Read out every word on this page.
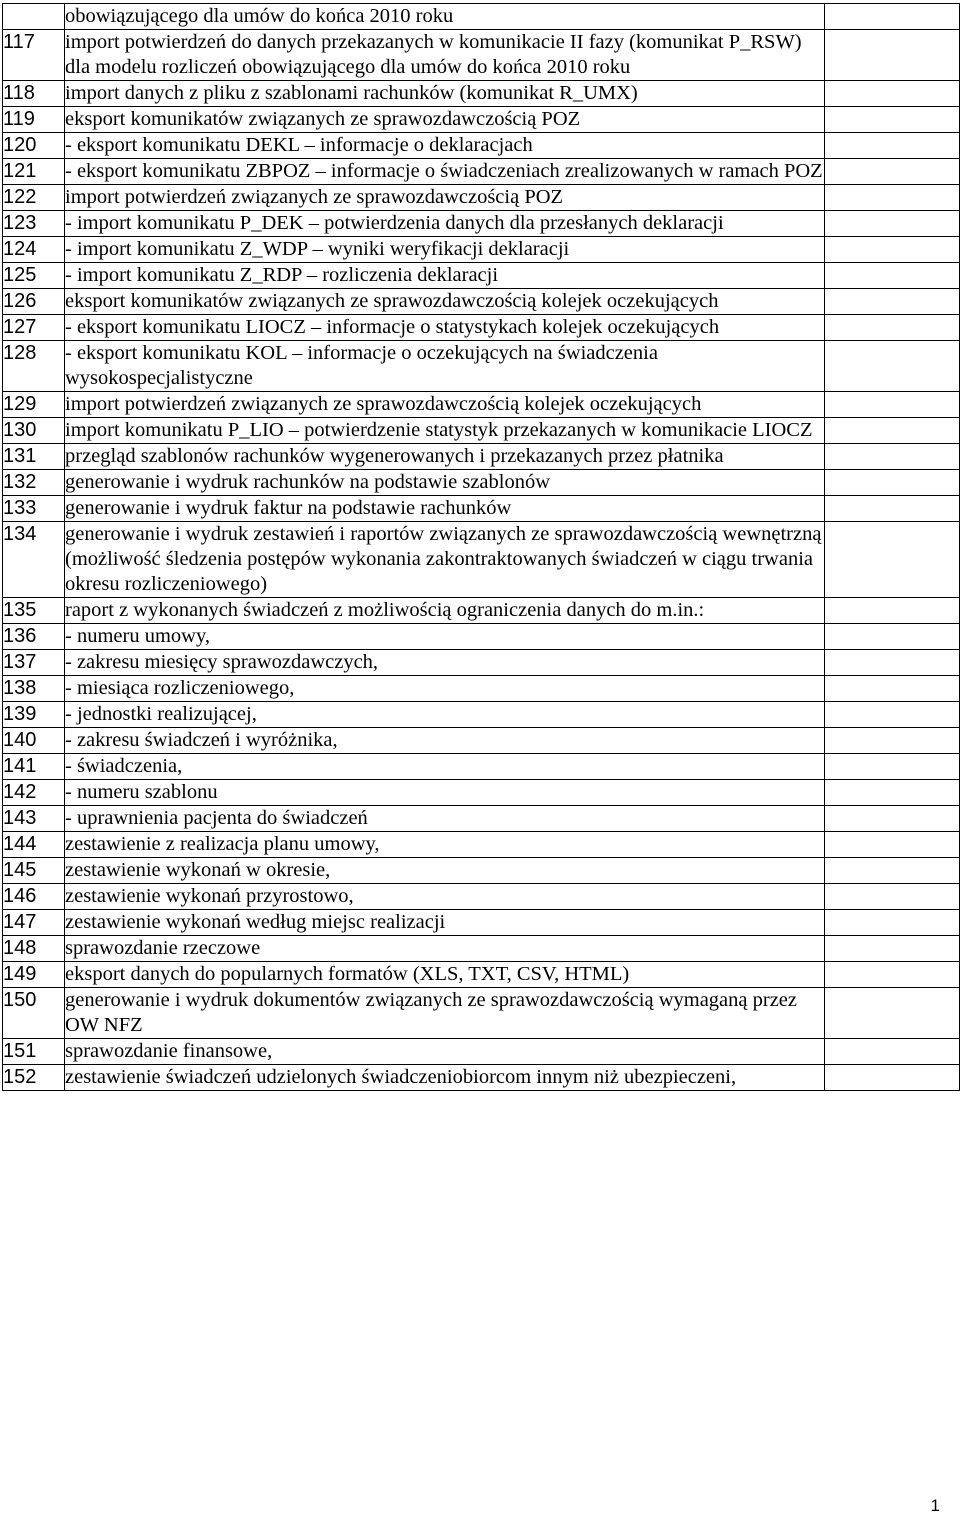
	obowiązującego dla umów do końca 2010 roku	
117	import potwierdzeń do danych przekazanych w komunikacie II fazy (komunikat P_RSW) dla modelu rozliczeń obowiązującego dla umów do końca 2010 roku	
118	import danych z pliku z szablonami rachunków (komunikat R_UMX)	
119	eksport komunikatów związanych ze sprawozdawczością POZ	
120	- eksport komunikatu DEKL – informacje o deklaracjach	
121	- eksport komunikatu ZBPOZ – informacje o świadczeniach zrealizowanych w ramach POZ	
122	import potwierdzeń związanych ze sprawozdawczością POZ	
123	- import komunikatu P_DEK – potwierdzenia danych dla przesłanych deklaracji	
124	- import komunikatu Z_WDP – wyniki weryfikacji deklaracji	
125	- import komunikatu Z_RDP – rozliczenia deklaracji	
126	eksport komunikatów związanych ze sprawozdawczością kolejek oczekujących	
127	- eksport komunikatu LIOCZ – informacje o statystykach kolejek oczekujących	
128	- eksport komunikatu KOL – informacje o oczekujących na świadczenia wysokospecjalistyczne	
129	import potwierdzeń związanych ze sprawozdawczością kolejek oczekujących	
130	import komunikatu P_LIO – potwierdzenie statystyk przekazanych w komunikacie LIOCZ	
131	przegląd szablonów rachunków wygenerowanych i przekazanych przez płatnika	
132	generowanie i wydruk rachunków na podstawie szablonów	
133	generowanie i wydruk faktur na podstawie rachunków	
134	generowanie i wydruk zestawień i raportów związanych ze sprawozdawczością wewnętrzną (możliwość śledzenia postępów wykonania zakontraktowanych świadczeń w ciągu trwania okresu rozliczeniowego)	
135	raport z wykonanych świadczeń z możliwością ograniczenia danych do m.in.:	
136	- numeru umowy,	
137	- zakresu miesięcy sprawozdawczych,	
138	- miesiąca rozliczeniowego,	
139	- jednostki realizującej,	
140	- zakresu świadczeń i wyróżnika,	
141	- świadczenia,	
142	- numeru szablonu	
143	- uprawnienia pacjenta do świadczeń	
144	zestawienie z realizacja planu umowy,	
145	zestawienie wykonań w okresie,	
146	zestawienie wykonań przyrostowo,	
147	zestawienie wykonań według miejsc realizacji	
148	sprawozdanie rzeczowe	
149	eksport danych do popularnych formatów (XLS, TXT, CSV, HTML)	
150	generowanie i wydruk dokumentów związanych ze sprawozdawczością wymaganą przez OW NFZ	
151	sprawozdanie finansowe,	
152	zestawienie świadczeń udzielonych świadczeniobiorcom innym niż ubezpieczeni,	
1
